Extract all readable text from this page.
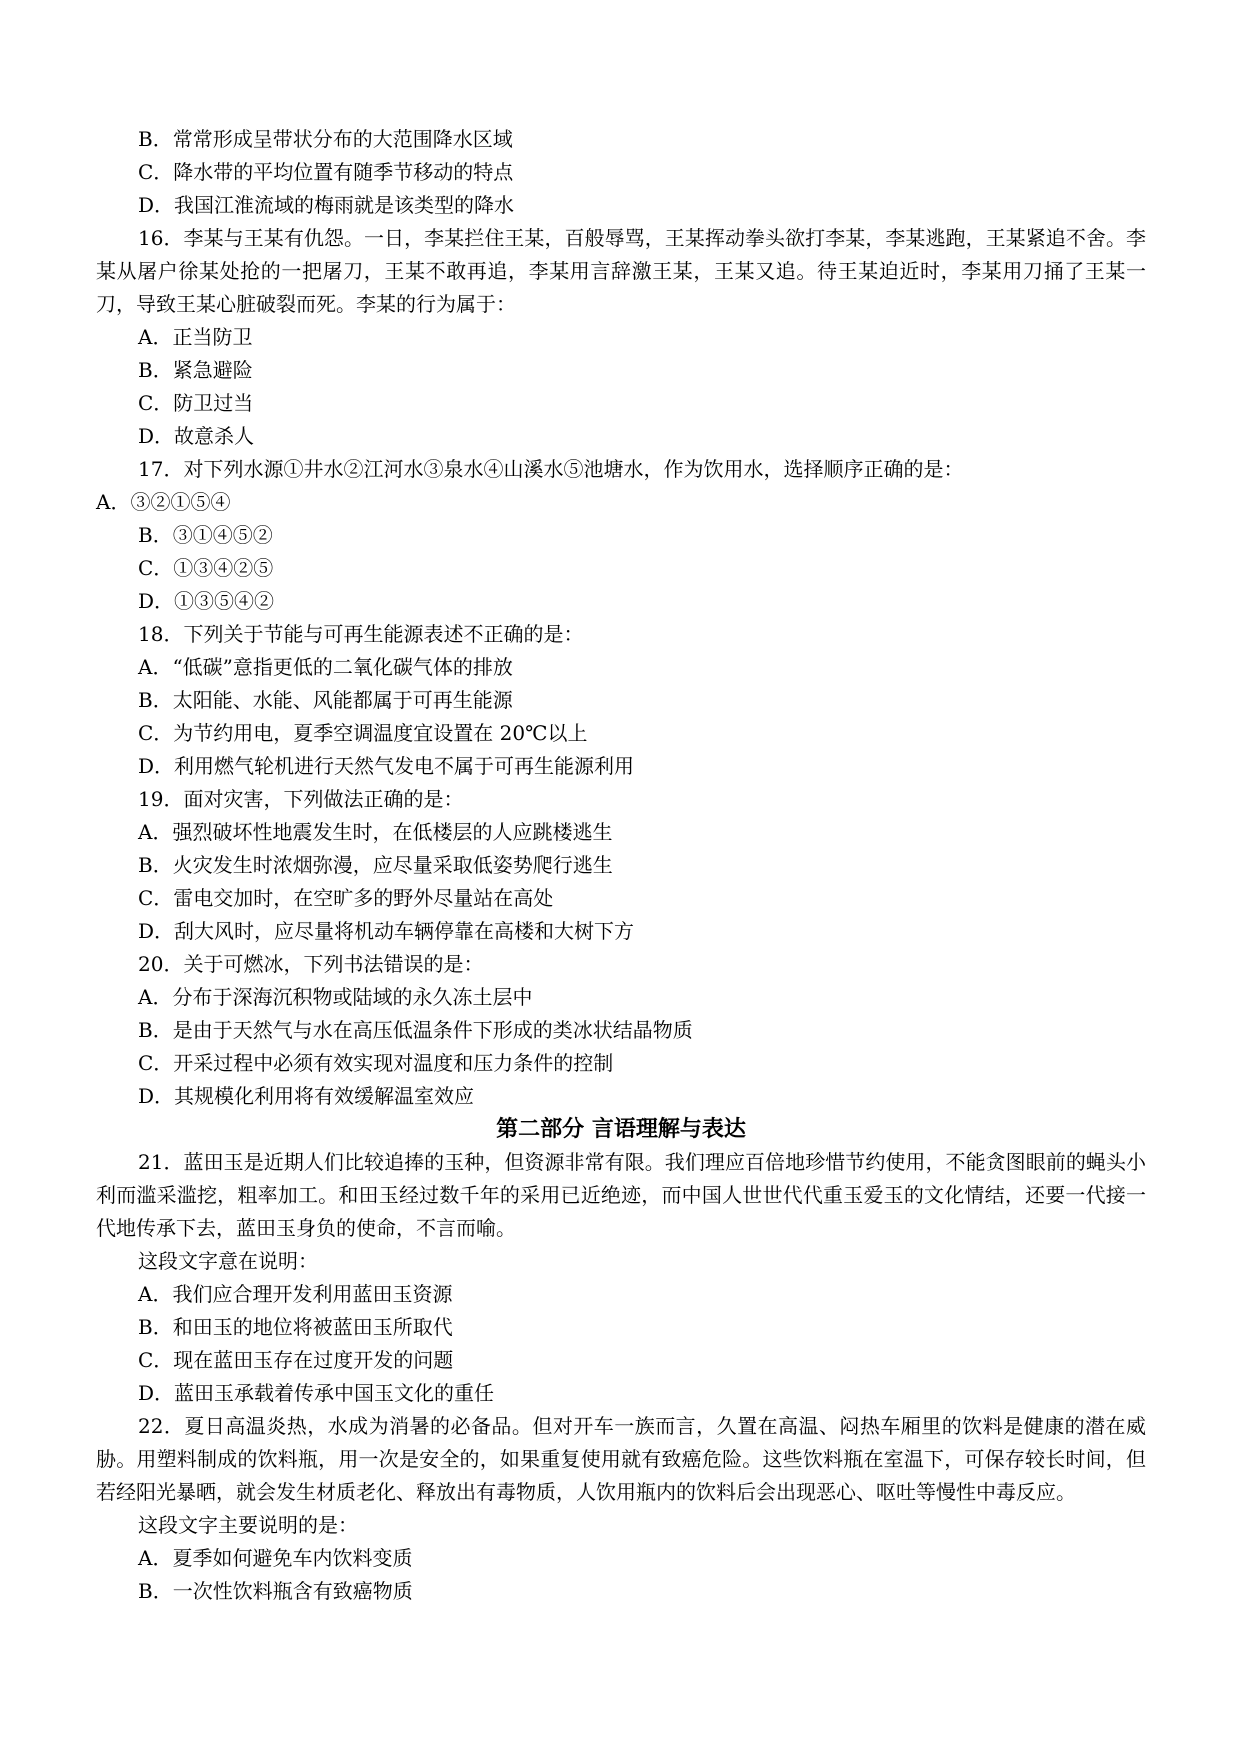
B．常常形成呈带状分布的大范围降水区域
C．降水带的平均位置有随季节移动的特点
D．我国江淮流域的梅雨就是该类型的降水
16．李某与王某有仇怨。一日，李某拦住王某，百般辱骂，王某挥动拳头欲打李某，李某逃跑，王某紧追不舍。李某从屠户徐某处抢的一把屠刀，王某不敢再追，李某用言辞激王某，王某又追。待王某迫近时，李某用刀捅了王某一刀，导致王某心脏破裂而死。李某的行为属于：
A．正当防卫
B．紧急避险
C．防卫过当
D．故意杀人
17．对下列水源①井水②江河水③泉水④山溪水⑤池塘水，作为饮用水，选择顺序正确的是：
A．③②①⑤④
B．③①④⑤②
C．①③④②⑤
D．①③⑤④②
18．下列关于节能与可再生能源表述不正确的是：
A．“低碳”意指更低的二氧化碳气体的排放
B．太阳能、水能、风能都属于可再生能源
C．为节约用电，夏季空调温度宜设置在 20℃以上
D．利用燃气轮机进行天然气发电不属于可再生能源利用
19．面对灾害，下列做法正确的是：
A．强烈破坏性地震发生时，在低楼层的人应跳楼逃生
B．火灾发生时浓烟弥漫，应尽量采取低姿势爬行逃生
C．雷电交加时，在空旷多的野外尽量站在高处
D．刮大风时，应尽量将机动车辆停靠在高楼和大树下方
20．关于可燃冰，下列书法错误的是：
A．分布于深海沉积物或陆域的永久冻土层中
B．是由于天然气与水在高压低温条件下形成的类冰状结晶物质
C．开采过程中必须有效实现对温度和压力条件的控制
D．其规模化利用将有效缓解温室效应
第二部分 言语理解与表达
21．蓝田玉是近期人们比较追捧的玉种，但资源非常有限。我们理应百倍地珍惜节约使用，不能贪图眼前的蝇头小利而滥采滥挖，粗率加工。和田玉经过数千年的采用已近绝迹，而中国人世世代代重玉爱玉的文化情结，还要一代接一代地传承下去，蓝田玉身负的使命，不言而喻。
这段文字意在说明：
A．我们应合理开发利用蓝田玉资源
B．和田玉的地位将被蓝田玉所取代
C．现在蓝田玉存在过度开发的问题
D．蓝田玉承载着传承中国玉文化的重任
22．夏日高温炎热，水成为消暑的必备品。但对开车一族而言，久置在高温、闷热车厢里的饮料是健康的潜在威胁。用塑料制成的饮料瓶，用一次是安全的，如果重复使用就有致癌危险。这些饮料瓶在室温下，可保存较长时间，但若经阳光暴晒，就会发生材质老化、释放出有毒物质，人饮用瓶内的饮料后会出现恶心、呕吐等慢性中毒反应。
这段文字主要说明的是：
A．夏季如何避免车内饮料变质
B．一次性饮料瓶含有致癌物质
